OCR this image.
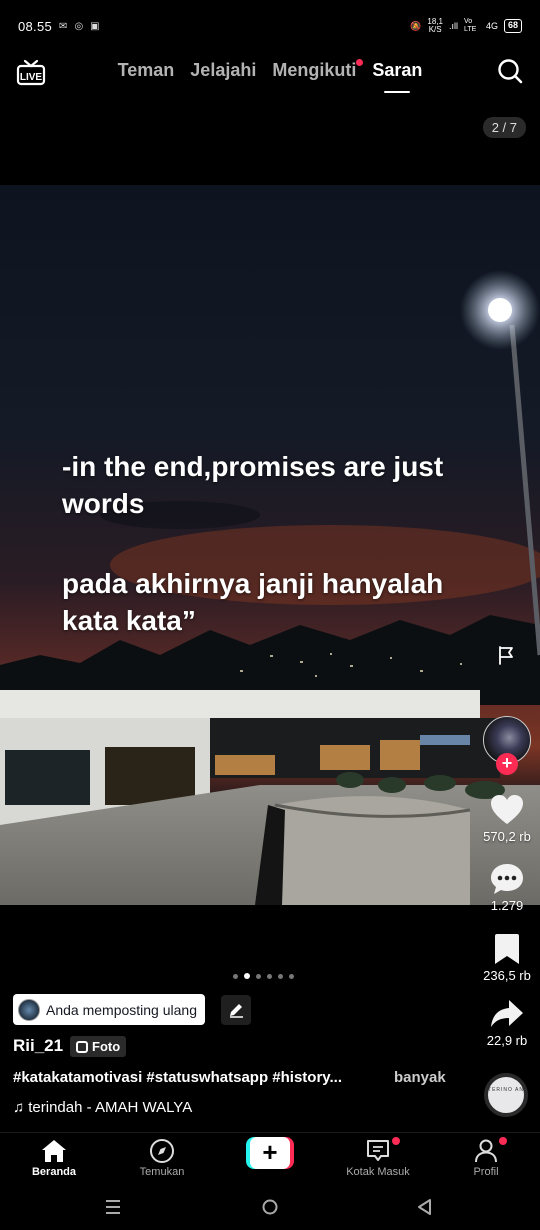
08.55 ✉ ◎ ▣	🔕 18,1
K/S .ıll Vo LTE	4G	68
LIVE	Teman Jelajahi Mengikuti Saran
2 / 7
-in the end,promises are just words
pada akhirnya janji hanyalah kata kata”
+
570,2 rb
1.279
236,5 rb
22,9 rb
TERINO AN
Anda memposting ulang
Rii_21 Foto
#katakatamotivasi #statuswhatsapp #history...	banyak
♫ terindah - AMAH WALYA
Beranda	Temukan	Kotak Masuk	Profil
+
